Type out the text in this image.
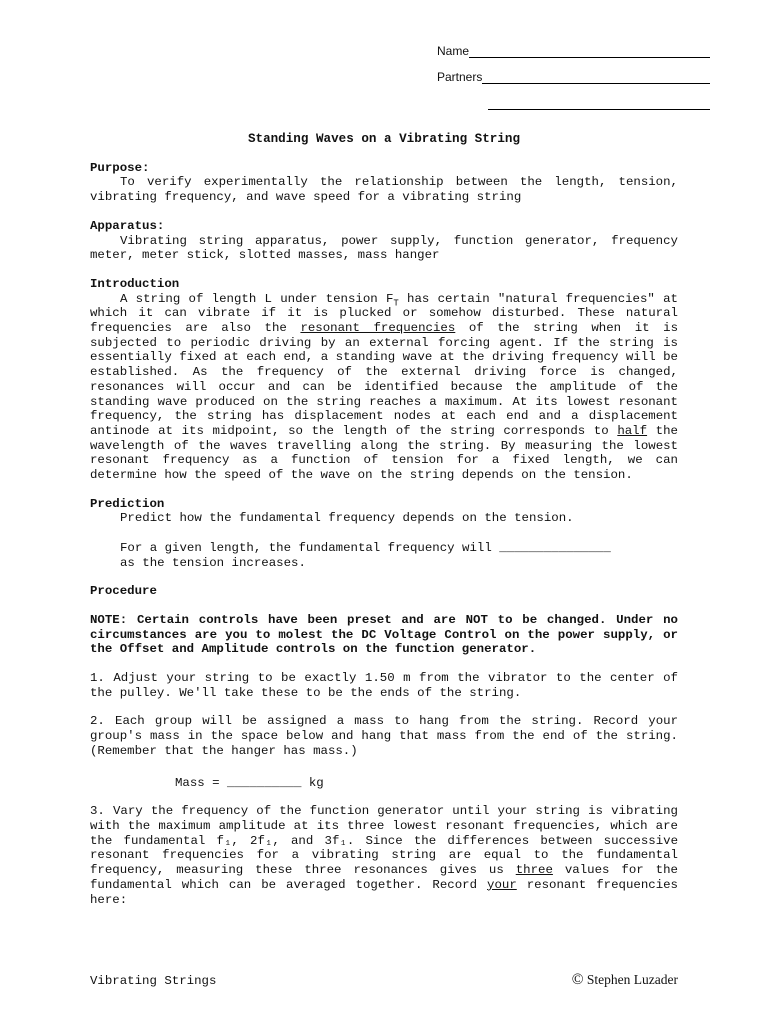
Name
Partners
Standing Waves on a Vibrating String
Purpose:

To verify experimentally the relationship between the length, tension, vibrating frequency, and wave speed for a vibrating string

Apparatus:

Vibrating string apparatus, power supply, function generator, frequency meter, meter stick, slotted masses, mass hanger

Introduction

A string of length L under tension $F_T$ has certain "natural frequencies" at which it can vibrate if it is plucked or somehow disturbed. These natural frequencies are also the resonant frequencies of the string when it is subjected to periodic driving by an external forcing agent. If the string is essentially fixed at each end, a standing wave at the driving frequency will be established. As the frequency of the external driving force is changed, resonances will occur and can be identified because the amplitude of the standing wave produced on the string reaches a maximum. At its lowest resonant frequency, the string has displacement nodes at each end and a displacement antinode at its midpoint, so the length of the string corresponds to half the wavelength of the waves travelling along the string. By measuring the lowest resonant frequency as a function of tension for a fixed length, we can determine how the speed of the wave on the string depends on the tension.

Prediction

Predict how the fundamental frequency depends on the tension.

For a given length, the fundamental frequency will _______________

as the tension increases.

Procedure

NOTE: Certain controls have been preset and are NOT to be changed. Under no circumstances are you to molest the DC Voltage Control on the power supply, or the Offset and Amplitude controls on the function generator.

1. Adjust your string to be exactly 1.50 m from the vibrator to the center of the pulley. We'll take these to be the ends of the string.

2. Each group will be assigned a mass to hang from the string. Record your group's mass in the space below and hang that mass from the end of the string. (Remember that the hanger has mass.)

Mass = __________ kg

3. Vary the frequency of the function generator until your string is vibrating with the maximum amplitude at its three lowest resonant frequencies, which are the fundamental f₁, 2f₁, and 3f₁. Since the differences between successive resonant frequencies for a vibrating string are equal to the fundamental frequency, measuring these three resonances gives us three values for the fundamental which can be averaged together. Record your resonant frequencies here:

Vibrating Strings	© Stephen Luzader
